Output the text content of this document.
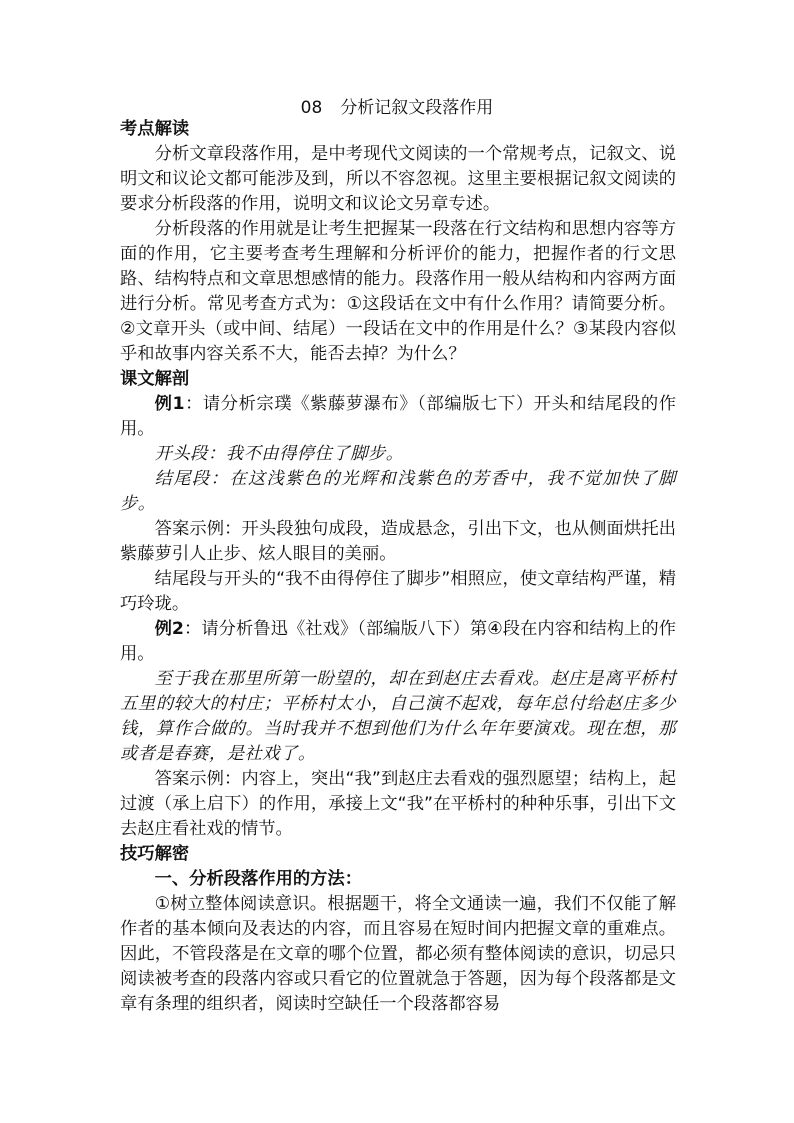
08 分析记叙文段落作用

考点解读

分析文章段落作用，是中考现代文阅读的一个常规考点，记叙文、说明文和议论文都可能涉及到，所以不容忽视。这里主要根据记叙文阅读的要求分析段落的作用，说明文和议论文另章专述。

分析段落的作用就是让考生把握某一段落在行文结构和思想内容等方面的作用，它主要考查考生理解和分析评价的能力，把握作者的行文思路、结构特点和文章思想感情的能力。段落作用一般从结构和内容两方面进行分析。常见考查方式为：①这段话在文中有什么作用？请简要分析。②文章开头（或中间、结尾）一段话在文中的作用是什么？③某段内容似乎和故事内容关系不大，能否去掉？为什么？

课文解剖

例1：请分析宗璞《紫藤萝瀑布》（部编版七下）开头和结尾段的作用。

开头段：我不由得停住了脚步。

结尾段：在这浅紫色的光辉和浅紫色的芳香中，我不觉加快了脚步。

答案示例：开头段独句成段，造成悬念，引出下文，也从侧面烘托出紫藤萝引人止步、炫人眼目的美丽。

结尾段与开头的“我不由得停住了脚步”相照应，使文章结构严谨，精巧玲珑。

例2：请分析鲁迅《社戏》（部编版八下）第④段在内容和结构上的作用。

至于我在那里所第一盼望的，却在到赵庄去看戏。赵庄是离平桥村五里的较大的村庄；平桥村太小，自己演不起戏，每年总付给赵庄多少钱，算作合做的。当时我并不想到他们为什么年年要演戏。现在想，那或者是春赛，是社戏了。

答案示例：内容上，突出“我”到赵庄去看戏的强烈愿望；结构上，起过渡（承上启下）的作用，承接上文“我”在平桥村的种种乐事，引出下文去赵庄看社戏的情节。

技巧解密

一、分析段落作用的方法：

①树立整体阅读意识。根据题干，将全文通读一遍，我们不仅能了解作者的基本倾向及表达的内容，而且容易在短时间内把握文章的重难点。因此，不管段落是在文章的哪个位置，都必须有整体阅读的意识，切忌只阅读被考查的段落内容或只看它的位置就急于答题，因为每个段落都是文章有条理的组织者，阅读时空缺任一个段落都容易
